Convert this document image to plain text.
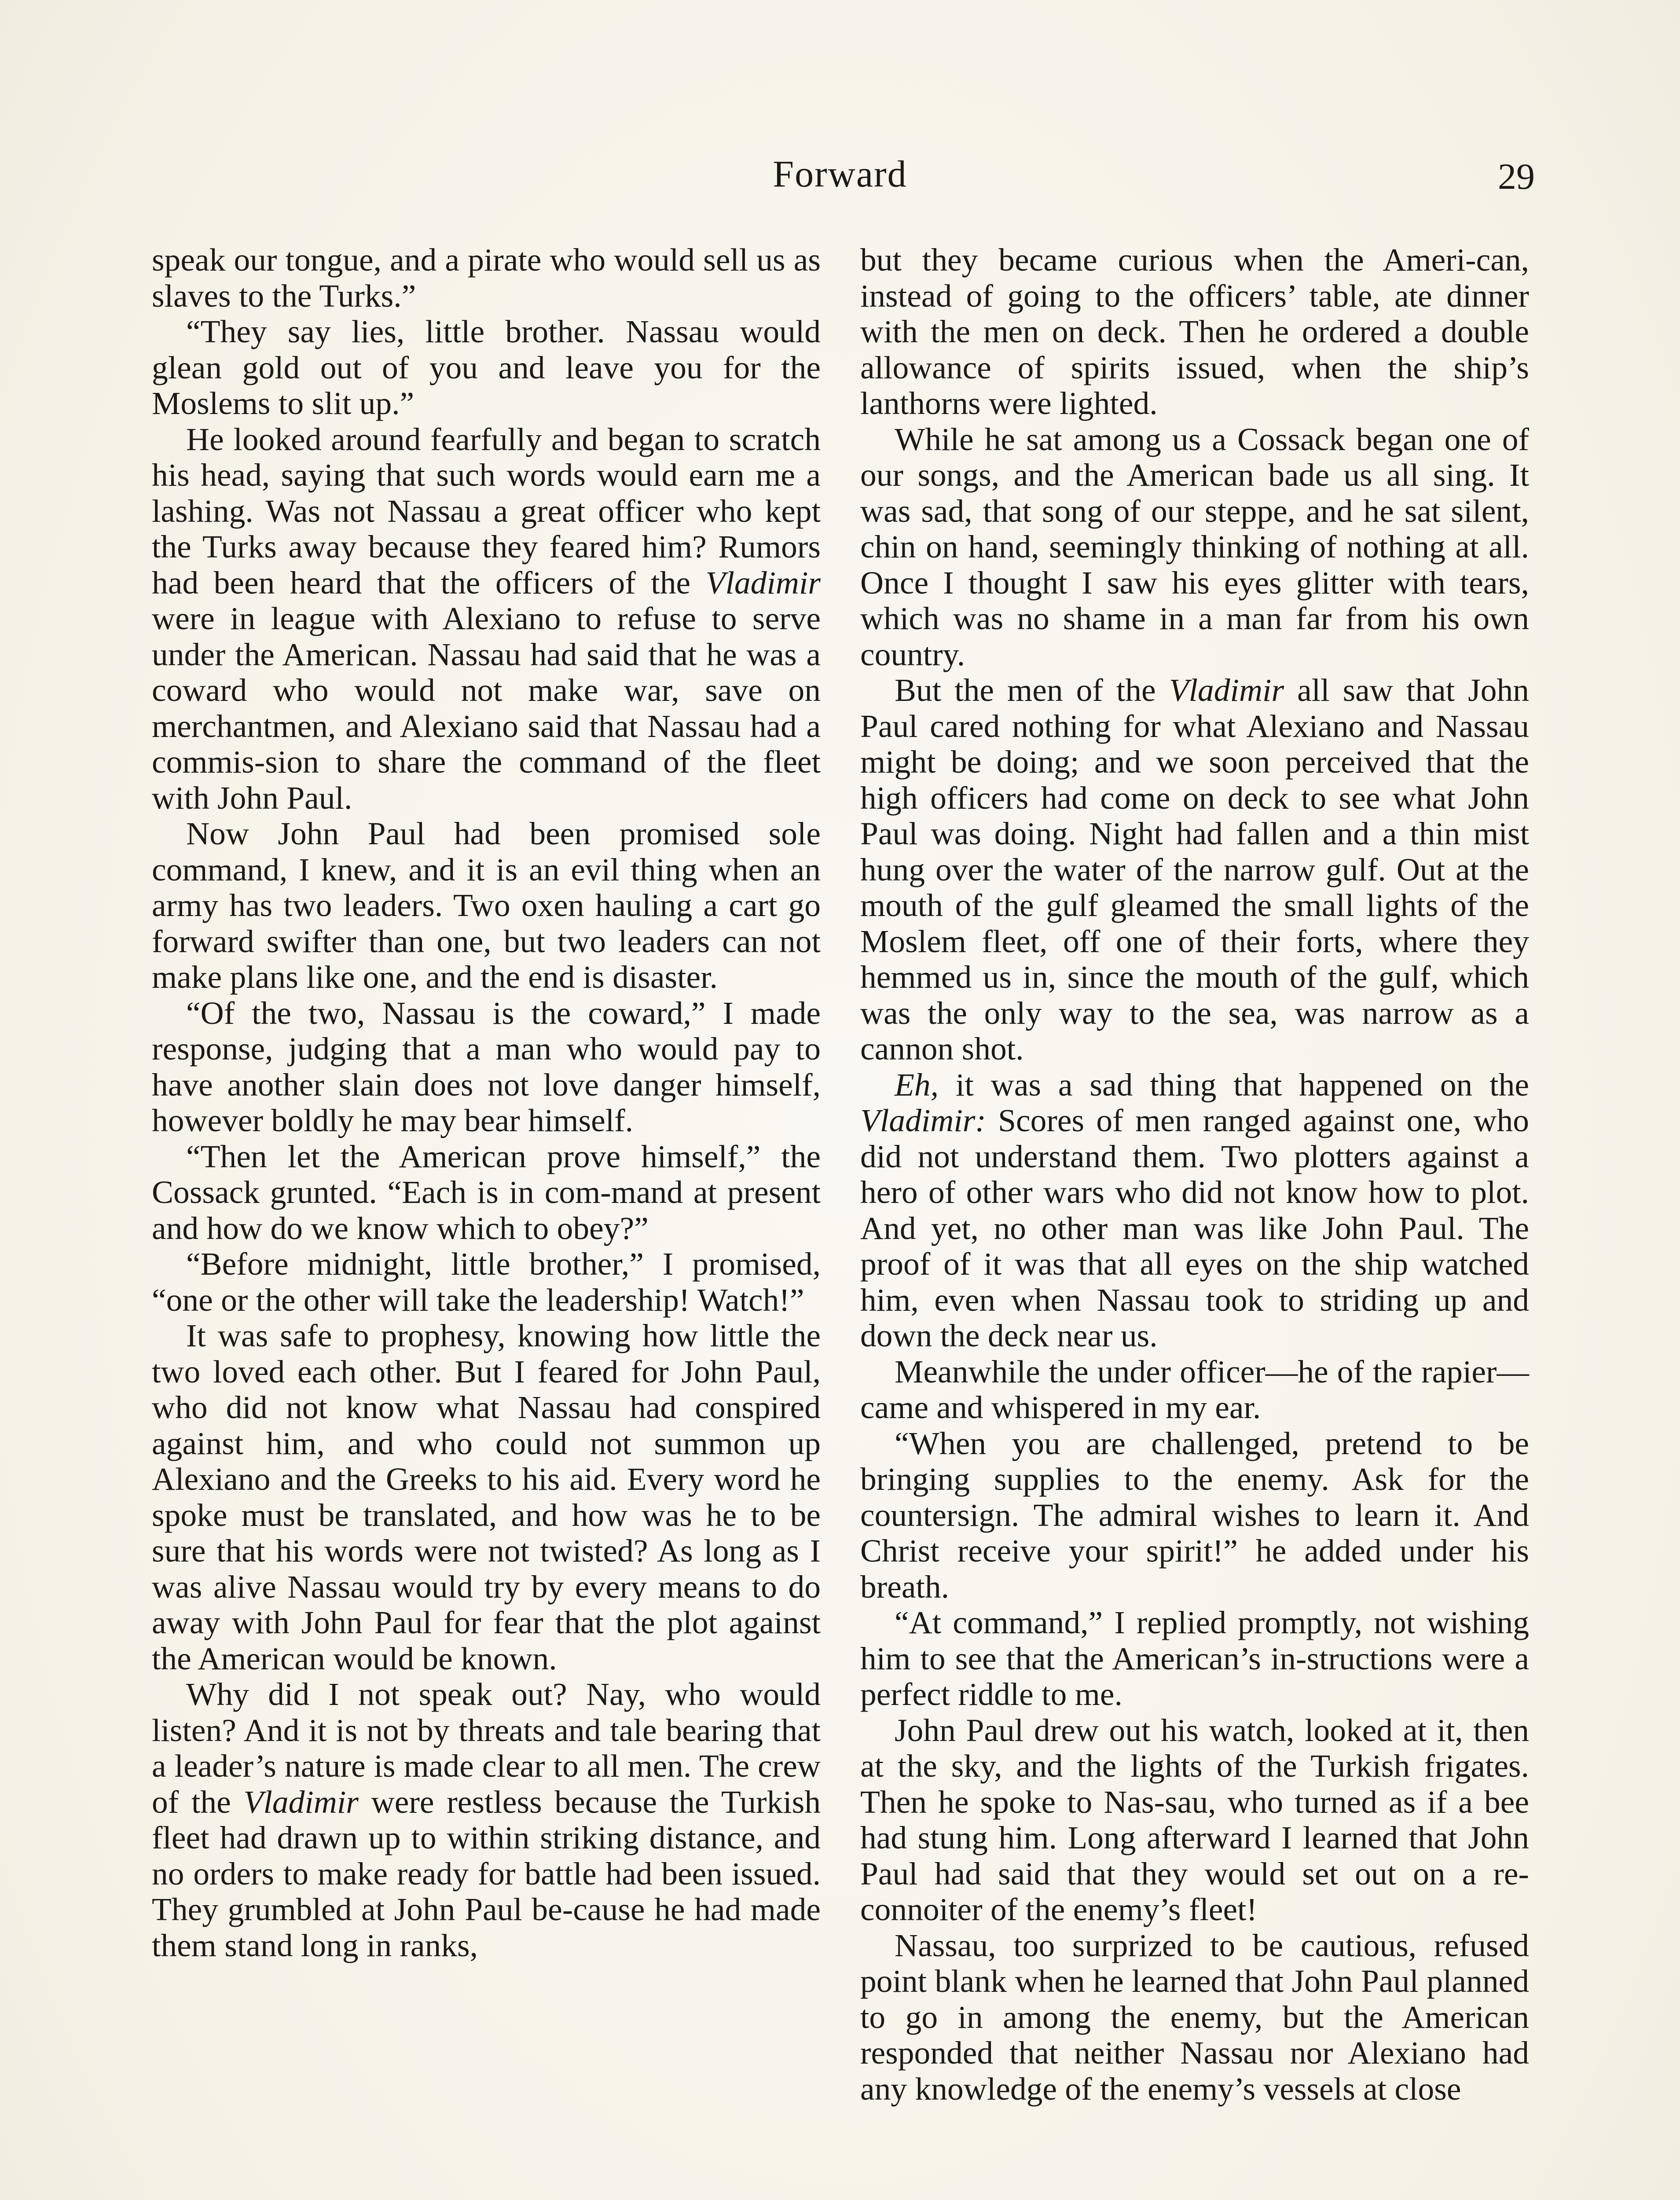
Forward	29

speak our tongue, and a pirate who would sell us as slaves to the Turks.”

“They say lies, little brother. Nassau would glean gold out of you and leave you for the Moslems to slit up.”

He looked around fearfully and began to scratch his head, saying that such words would earn me a lashing. Was not Nassau a great officer who kept the Turks away because they feared him? Rumors had been heard that the officers of the Vladimir were in league with Alexiano to refuse to serve under the American. Nassau had said that he was a coward who would not make war, save on merchantmen, and Alexiano said that Nassau had a commis-sion to share the command of the fleet with John Paul.

Now John Paul had been promised sole command, I knew, and it is an evil thing when an army has two leaders. Two oxen hauling a cart go forward swifter than one, but two leaders can not make plans like one, and the end is disaster.

“Of the two, Nassau is the coward,” I made response, judging that a man who would pay to have another slain does not love danger himself, however boldly he may bear himself.

“Then let the American prove himself,” the Cossack grunted. “Each is in com-mand at present and how do we know which to obey?”

“Before midnight, little brother,” I promised, “one or the other will take the leadership! Watch!”

It was safe to prophesy, knowing how little the two loved each other. But I feared for John Paul, who did not know what Nassau had conspired against him, and who could not summon up Alexiano and the Greeks to his aid. Every word he spoke must be translated, and how was he to be sure that his words were not twisted? As long as I was alive Nassau would try by every means to do away with John Paul for fear that the plot against the American would be known.

Why did I not speak out? Nay, who would listen? And it is not by threats and tale bearing that a leader’s nature is made clear to all men. The crew of the Vladimir were restless because the Turkish fleet had drawn up to within striking distance, and no orders to make ready for battle had been issued. They grumbled at John Paul be-cause he had made them stand long in ranks,

but they became curious when the Ameri-can, instead of going to the officers’ table, ate dinner with the men on deck. Then he ordered a double allowance of spirits issued, when the ship’s lanthorns were lighted.

While he sat among us a Cossack began one of our songs, and the American bade us all sing. It was sad, that song of our steppe, and he sat silent, chin on hand, seemingly thinking of nothing at all. Once I thought I saw his eyes glitter with tears, which was no shame in a man far from his own country.

But the men of the Vladimir all saw that John Paul cared nothing for what Alexiano and Nassau might be doing; and we soon perceived that the high officers had come on deck to see what John Paul was doing. Night had fallen and a thin mist hung over the water of the narrow gulf. Out at the mouth of the gulf gleamed the small lights of the Moslem fleet, off one of their forts, where they hemmed us in, since the mouth of the gulf, which was the only way to the sea, was narrow as a cannon shot.

Eh, it was a sad thing that happened on the Vladimir: Scores of men ranged against one, who did not understand them. Two plotters against a hero of other wars who did not know how to plot. And yet, no other man was like John Paul. The proof of it was that all eyes on the ship watched him, even when Nassau took to striding up and down the deck near us.

Meanwhile the under officer—he of the rapier—came and whispered in my ear.

“When you are challenged, pretend to be bringing supplies to the enemy. Ask for the countersign. The admiral wishes to learn it. And Christ receive your spirit!” he added under his breath.

“At command,” I replied promptly, not wishing him to see that the American’s in-structions were a perfect riddle to me.

John Paul drew out his watch, looked at it, then at the sky, and the lights of the Turkish frigates. Then he spoke to Nas-sau, who turned as if a bee had stung him. Long afterward I learned that John Paul had said that they would set out on a re-connoiter of the enemy’s fleet!

Nassau, too surprized to be cautious, refused point blank when he learned that John Paul planned to go in among the enemy, but the American responded that neither Nassau nor Alexiano had any knowledge of the enemy’s vessels at close
